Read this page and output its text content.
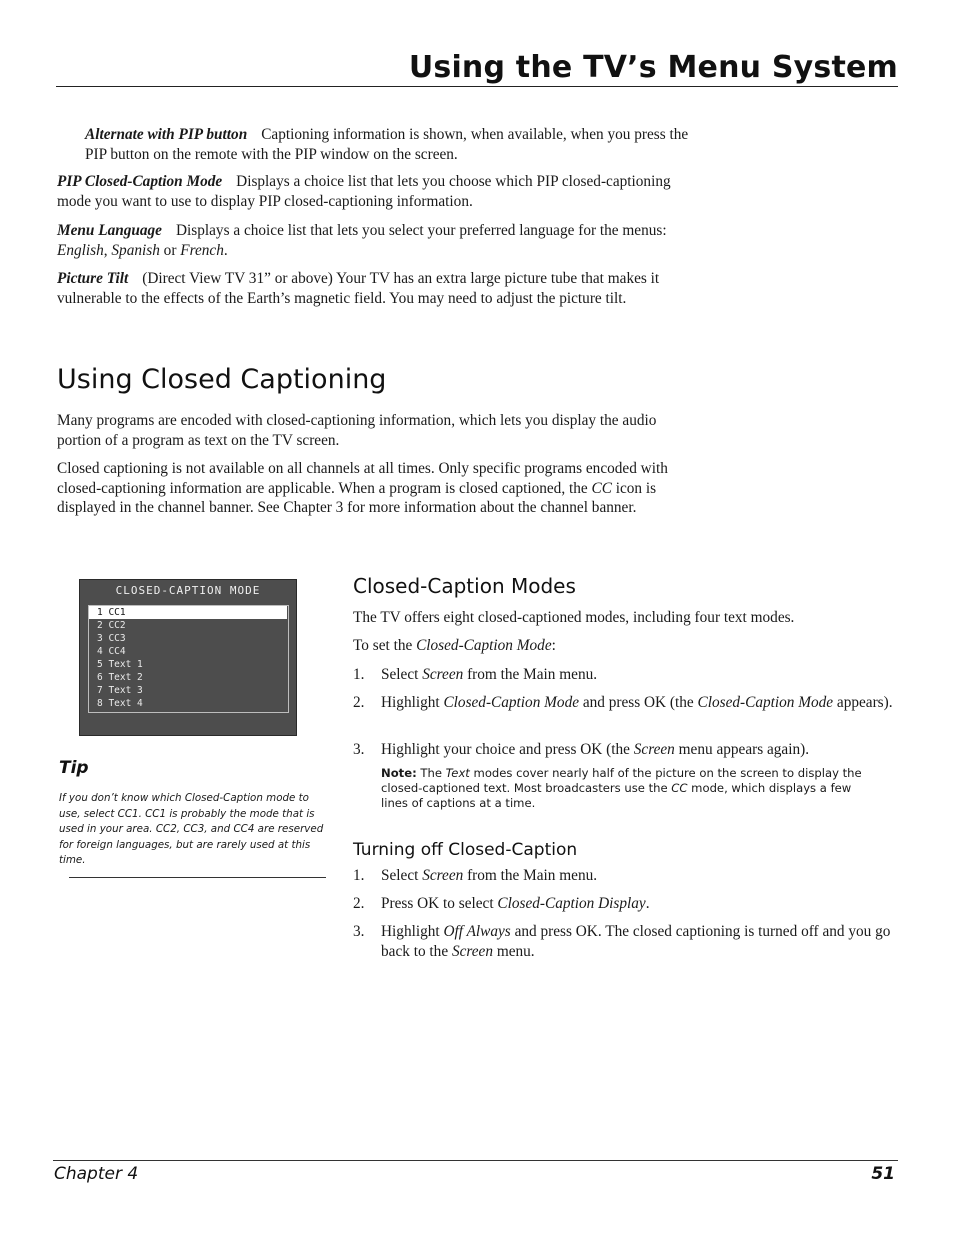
Using the TV’s Menu System

Alternate with PIP button Captioning information is shown, when available, when you press the PIP button on the remote with the PIP window on the screen.

PIP Closed-Caption Mode Displays a choice list that lets you choose which PIP closed-captioning mode you want to use to display PIP closed-captioning information.

Menu Language Displays a choice list that lets you select your preferred language for the menus: English, Spanish or French.

Picture Tilt (Direct View TV 31” or above) Your TV has an extra large picture tube that makes it vulnerable to the effects of the Earth’s magnetic field. You may need to adjust the picture tilt.

Using Closed Captioning

Many programs are encoded with closed-captioning information, which lets you display the audio portion of a program as text on the TV screen.

Closed captioning is not available on all channels at all times. Only specific programs encoded with closed-captioning information are applicable. When a program is closed captioned, the CC icon is displayed in the channel banner. See Chapter 3 for more information about the channel banner.

CLOSED-CAPTION MODE
1 CC1
2 CC2
3 CC3
4 CC4
5 Text 1
6 Text 2
7 Text 3
8 Text 4
Tip

If you don’t know which Closed-Caption mode to use, select CC1. CC1 is probably the mode that is used in your area. CC2, CC3, and CC4 are reserved for foreign languages, but are rarely used at this time.

Closed-Caption Modes

The TV offers eight closed-captioned modes, including four text modes.

To set the Closed-Caption Mode:

1. Select Screen from the Main menu.
2. Highlight Closed-Caption Mode and press OK (the Closed-Caption Mode appears).
3. Highlight your choice and press OK (the Screen menu appears again).

Note: The Text modes cover nearly half of the picture on the screen to display the closed-captioned text. Most broadcasters use the CC mode, which displays a few lines of captions at a time.

Turning off Closed-Caption
1. Select Screen from the Main menu.
2. Press OK to select Closed-Caption Display.
3. Highlight Off Always and press OK. The closed captioning is turned off and you go back to the Screen menu.

Chapter 4	51
